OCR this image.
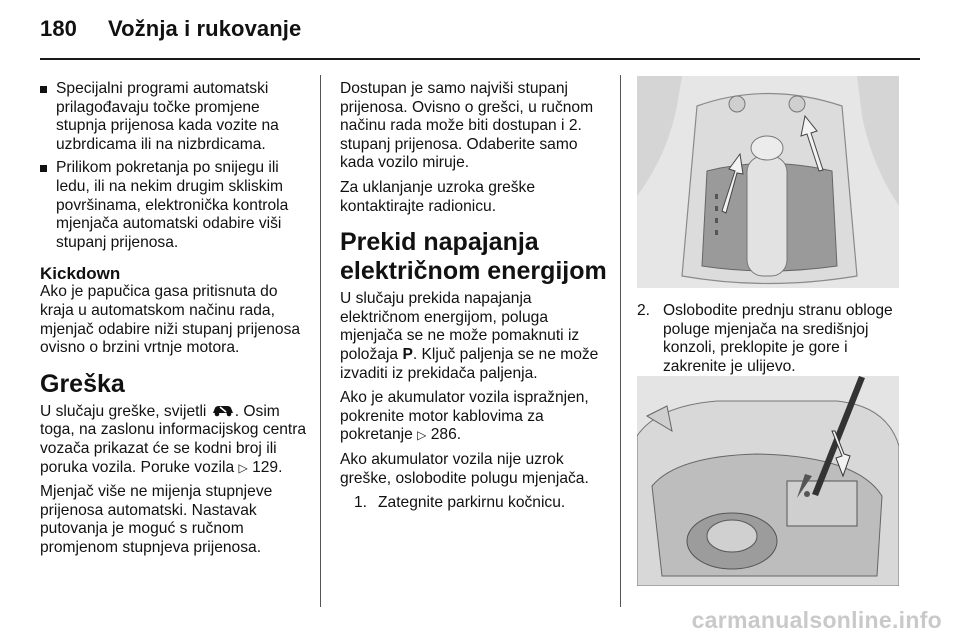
180 Vožnja i rukovanje
Specijalni programi automatski prilagođavaju točke promjene stupnja prijenosa kada vozite na uzbrdicama ili na nizbrdicama.
Prilikom pokretanja po snijegu ili ledu, ili na nekim drugim skliskim površinama, elektronička kontrola mjenjača automatski odabire viši stupanj prijenosa.
Kickdown

Ako je papučica gasa pritisnuta do kraja u automatskom načinu rada, mjenjač odabire niži stupanj prijenosa ovisno o brzini vrtnje motora.

Greška

U slučaju greške, svijetli . Osim toga, na zaslonu informacijskog centra vozača prikazat će se kodni broj ili poruka vozila. Poruke vozila ▷ 129.

Mjenjač više ne mijenja stupnjeve prijenosa automatski. Nastavak putovanja je moguć s ručnom promjenom stupnjeva prijenosa.

Dostupan je samo najviši stupanj prijenosa. Ovisno o grešci, u ručnom načinu rada može biti dostupan i 2. stupanj prijenosa. Odaberite samo kada vozilo miruje.

Za uklanjanje uzroka greške kontaktirajte radionicu.

Prekid napajanja električnom energijom

U slučaju prekida napajanja električnom energijom, poluga mjenjača se ne može pomaknuti iz položaja P. Ključ paljenja se ne može izvaditi iz prekidača paljenja.

Ako je akumulator vozila ispražnjen, pokrenite motor kablovima za pokretanje ▷ 286.

Ako akumulator vozila nije uzrok greške, oslobodite polugu mjenjača.

1. Zategnite parkirnu kočnicu.
2. Oslobodite prednju stranu obloge poluge mjenjača na središnjoj konzoli, preklopite je gore i zakrenite je ulijevo.
carmanualsonline.info
